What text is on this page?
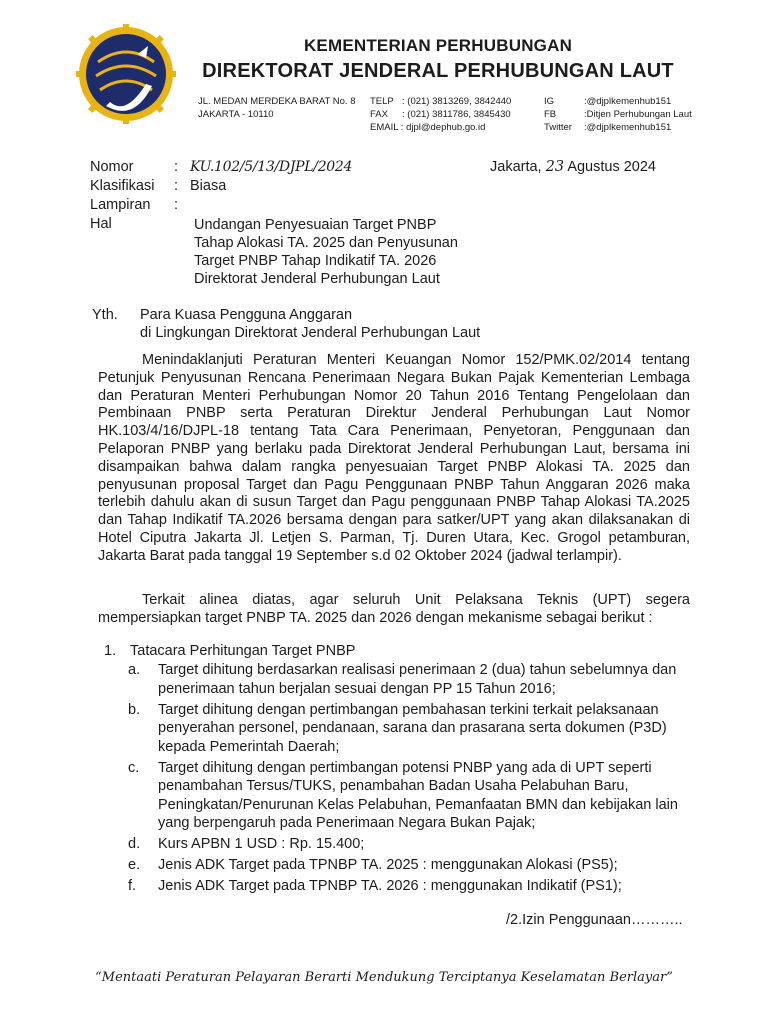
KEMENTERIAN PERHUBUNGAN
DIREKTORAT JENDERAL PERHUBUNGAN LAUT
JL. MEDAN MERDEKA BARAT No. 8
JAKARTA - 10110
TELP : (021) 3813269, 3842440
FAX	: (021) 3811786, 3845430
EMAIL : djpl@dephub.go.id
IG	:@djplkemenhub151
FB	:Ditjen Perhubungan Laut
Twitter	:@djplkemenhub151
Nomor	: KU.102/5/13/DJPL/2024
Klasifikasi	: Biasa
Lampiran	:
Hal	Undangan Penyesuaian Target PNBP
Tahap Alokasi TA. 2025 dan Penyusunan
Target PNBP Tahap Indikatif TA. 2026
Direktorat Jenderal Perhubungan Laut
Jakarta, 23 Agustus 2024
Yth. Para Kuasa Pengguna Anggaran
di Lingkungan Direktorat Jenderal Perhubungan Laut
Menindaklanjuti Peraturan Menteri Keuangan Nomor 152/PMK.02/2014 tentang Petunjuk Penyusunan Rencana Penerimaan Negara Bukan Pajak Kementerian Lembaga dan Peraturan Menteri Perhubungan Nomor 20 Tahun 2016 Tentang Pengelolaan dan Pembinaan PNBP serta Peraturan Direktur Jenderal Perhubungan Laut Nomor HK.103/4/16/DJPL-18 tentang Tata Cara Penerimaan, Penyetoran, Penggunaan dan Pelaporan PNBP yang berlaku pada Direktorat Jenderal Perhubungan Laut, bersama ini disampaikan bahwa dalam rangka penyesuaian Target PNBP Alokasi TA. 2025 dan penyusunan proposal Target dan Pagu Penggunaan PNBP Tahun Anggaran 2026 maka terlebih dahulu akan di susun Target dan Pagu penggunaan PNBP Tahap Alokasi TA.2025 dan Tahap Indikatif TA.2026 bersama dengan para satker/UPT yang akan dilaksanakan di Hotel Ciputra Jakarta Jl. Letjen S. Parman, Tj. Duren Utara, Kec. Grogol petamburan, Jakarta Barat pada tanggal 19 September s.d 02 Oktober 2024 (jadwal terlampir).
Terkait alinea diatas, agar seluruh Unit Pelaksana Teknis (UPT) segera mempersiapkan target PNBP TA. 2025 dan 2026 dengan mekanisme sebagai berikut :
1. Tatacara Perhitungan Target PNBP
a.	Target dihitung berdasarkan realisasi penerimaan 2 (dua) tahun sebelumnya dan penerimaan tahun berjalan sesuai dengan PP 15 Tahun 2016;
b.	Target dihitung dengan pertimbangan pembahasan terkini terkait pelaksanaan penyerahan personel, pendanaan, sarana dan prasarana serta dokumen (P3D) kepada Pemerintah Daerah;
c.	Target dihitung dengan pertimbangan potensi PNBP yang ada di UPT seperti penambahan Tersus/TUKS, penambahan Badan Usaha Pelabuhan Baru, Peningkatan/Penurunan Kelas Pelabuhan, Pemanfaatan BMN dan kebijakan lain yang berpengaruh pada Penerimaan Negara Bukan Pajak;
d.	Kurs APBN 1 USD : Rp. 15.400;
e.	Jenis ADK Target pada TPNBP TA. 2025 : menggunakan Alokasi (PS5);
f.	Jenis ADK Target pada TPNBP TA. 2026 : menggunakan Indikatif (PS1);
/2.Izin Penggunaan………..
“Mentaati Peraturan Pelayaran Berarti Mendukung Terciptanya Keselamatan Berlayar”
